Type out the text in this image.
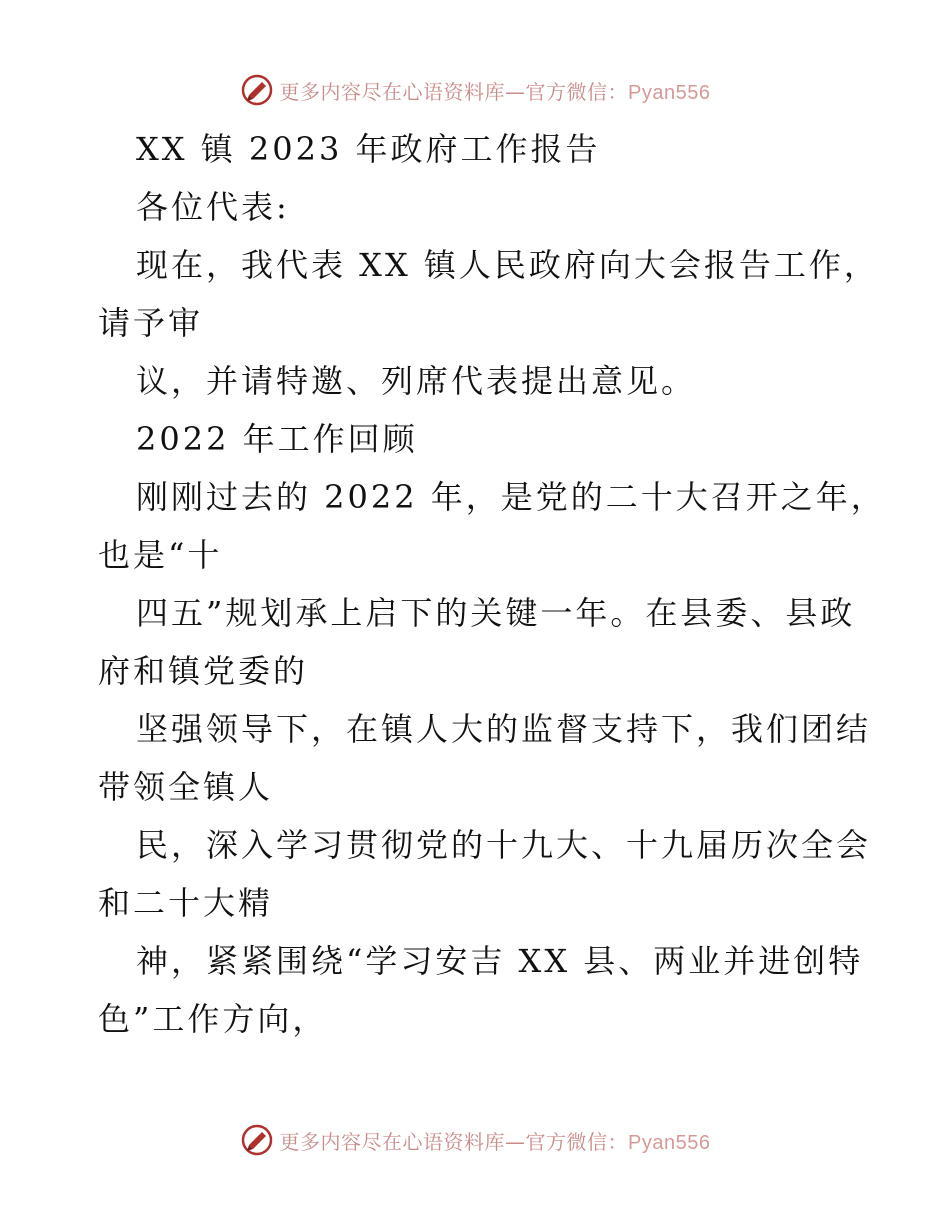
更多内容尽在心语资料库—官方微信：Pyan556
XX 镇 2023 年政府工作报告
各位代表:
现在，我代表 XX 镇人民政府向大会报告工作，
请予审
议，并请特邀、列席代表提出意见。
2022 年工作回顾
刚刚过去的 2022 年，是党的二十大召开之年，
也是“十
四五”规划承上启下的关键一年。在县委、县政
府和镇党委的
坚强领导下，在镇人大的监督支持下，我们团结
带领全镇人
民，深入学习贯彻党的十九大、十九届历次全会
和二十大精
神，紧紧围绕“学习安吉 XX 县、两业并进创特
色”工作方向，
更多内容尽在心语资料库—官方微信：Pyan556
